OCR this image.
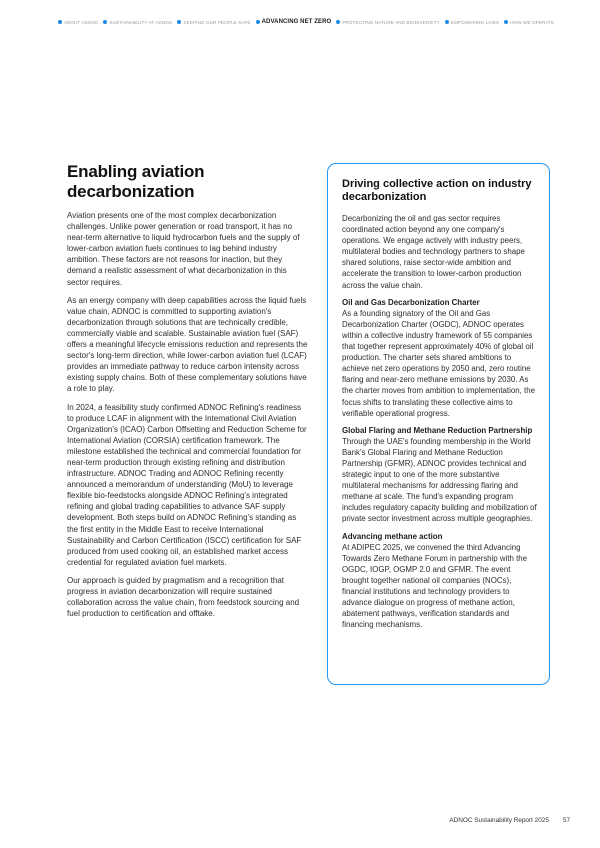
ABOUT ADNOC SUSTAINABILITY AT ADNOC KEEPING OUR PEOPLE SAFE ADVANCING NET ZERO PROTECTING NATURE AND BIODIVERSITY EMPOWERING LIVES HOW WE OPERATE
Enabling aviation decarbonization

Aviation presents one of the most complex decarbonization challenges. Unlike power generation or road transport, it has no near-term alternative to liquid hydrocarbon fuels and the supply of lower-carbon aviation fuels continues to lag behind industry ambition. These factors are not reasons for inaction, but they demand a realistic assessment of what decarbonization in this sector requires.

As an energy company with deep capabilities across the liquid fuels value chain, ADNOC is committed to supporting aviation's decarbonization through solutions that are technically credible, commercially viable and scalable. Sustainable aviation fuel (SAF) offers a meaningful lifecycle emissions reduction and represents the sector's long-term direction, while lower-carbon aviation fuel (LCAF) provides an immediate pathway to reduce carbon intensity across existing supply chains. Both of these complementary solutions have a role to play.

In 2024, a feasibility study confirmed ADNOC Refining's readiness to produce LCAF in alignment with the International Civil Aviation Organization's (ICAO) Carbon Offsetting and Reduction Scheme for International Aviation (CORSIA) certification framework. The milestone established the technical and commercial foundation for near-term production through existing refining and distribution infrastructure. ADNOC Trading and ADNOC Refining recently announced a memorandum of understanding (MoU) to leverage flexible bio-feedstocks alongside ADNOC Refining's integrated refining and global trading capabilities to advance SAF supply development. Both steps build on ADNOC Refining's standing as the first entity in the Middle East to receive International Sustainability and Carbon Certification (ISCC) certification for SAF produced from used cooking oil, an established market access credential for regulated aviation fuel markets.

Our approach is guided by pragmatism and a recognition that progress in aviation decarbonization will require sustained collaboration across the value chain, from feedstock sourcing and fuel production to certification and offtake.

Driving collective action on industry decarbonization

Decarbonizing the oil and gas sector requires coordinated action beyond any one company's operations. We engage actively with industry peers, multilateral bodies and technology partners to shape shared solutions, raise sector-wide ambition and accelerate the transition to lower-carbon production across the value chain.

Oil and Gas Decarbonization Charter

As a founding signatory of the Oil and Gas Decarbonization Charter (OGDC), ADNOC operates within a collective industry framework of 55 companies that together represent approximately 40% of global oil production. The charter sets shared ambitions to achieve net zero operations by 2050 and, zero routine flaring and near-zero methane emissions by 2030. As the charter moves from ambition to implementation, the focus shifts to translating these collective aims to verifiable operational progress.

Global Flaring and Methane Reduction Partnership

Through the UAE's founding membership in the World Bank's Global Flaring and Methane Reduction Partnership (GFMR), ADNOC provides technical and strategic input to one of the more substantive multilateral mechanisms for addressing flaring and methane at scale. The fund's expanding program includes regulatory capacity building and mobilization of private sector investment across multiple geographies.

Advancing methane action

At ADIPEC 2025, we convened the third Advancing Towards Zero Methane Forum in partnership with the OGDC, IOGP, OGMP 2.0 and GFMR. The event brought together national oil companies (NOCs), financial institutions and technology providers to advance dialogue on progress of methane action, abatement pathways, verification standards and financing mechanisms.

ADNOC Sustainability Report 2025 57
